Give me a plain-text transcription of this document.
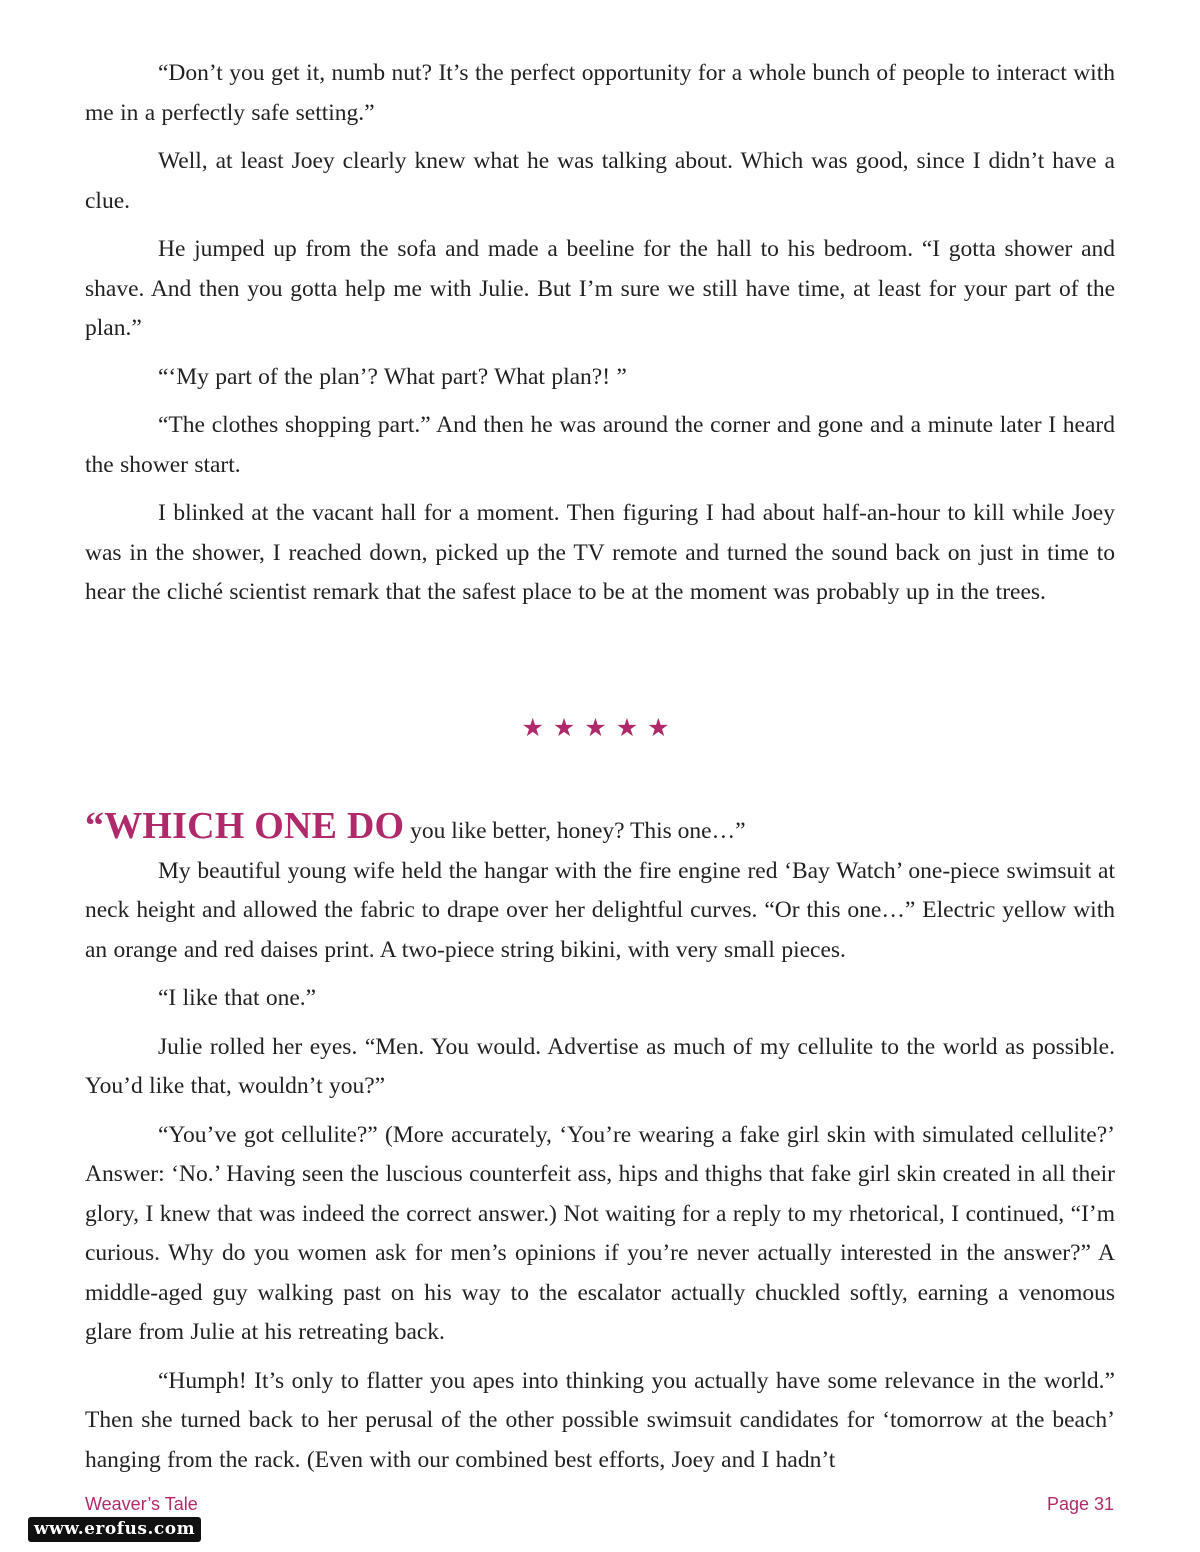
“Don’t you get it, numb nut? It’s the perfect opportunity for a whole bunch of people to interact with me in a perfectly safe setting.”

Well, at least Joey clearly knew what he was talking about. Which was good, since I didn’t have a clue.

He jumped up from the sofa and made a beeline for the hall to his bedroom. “I gotta shower and shave. And then you gotta help me with Julie. But I’m sure we still have time, at least for your part of the plan.”

“‘My part of the plan’? What part? What plan?! ”

“The clothes shopping part.” And then he was around the corner and gone and a minute later I heard the shower start.

I blinked at the vacant hall for a moment. Then figuring I had about half-an-hour to kill while Joey was in the shower, I reached down, picked up the TV remote and turned the sound back on just in time to hear the cliché scientist remark that the safest place to be at the moment was probably up in the trees.

★★★★★

“WHICH ONE DO you like better, honey? This one…”

My beautiful young wife held the hangar with the fire engine red ‘Bay Watch’ one-piece swimsuit at neck height and allowed the fabric to drape over her delightful curves. “Or this one…” Electric yellow with an orange and red daises print. A two-piece string bikini, with very small pieces.

“I like that one.”

Julie rolled her eyes. “Men. You would. Advertise as much of my cellulite to the world as possible. You’d like that, wouldn’t you?”

“You’ve got cellulite?” (More accurately, ‘You’re wearing a fake girl skin with simulated cellulite?’ Answer: ‘No.’ Having seen the luscious counterfeit ass, hips and thighs that fake girl skin created in all their glory, I knew that was indeed the correct answer.) Not waiting for a reply to my rhetorical, I continued, “I’m curious. Why do you women ask for men’s opinions if you’re never actually interested in the answer?” A middle-aged guy walking past on his way to the escalator actually chuckled softly, earning a venomous glare from Julie at his retreating back.

“Humph! It’s only to flatter you apes into thinking you actually have some relevance in the world.” Then she turned back to her perusal of the other possible swimsuit candidates for ‘tomorrow at the beach’ hanging from the rack. (Even with our combined best efforts, Joey and I hadn’t

Weaver’s Tale	Page 31
www.erofus.com
